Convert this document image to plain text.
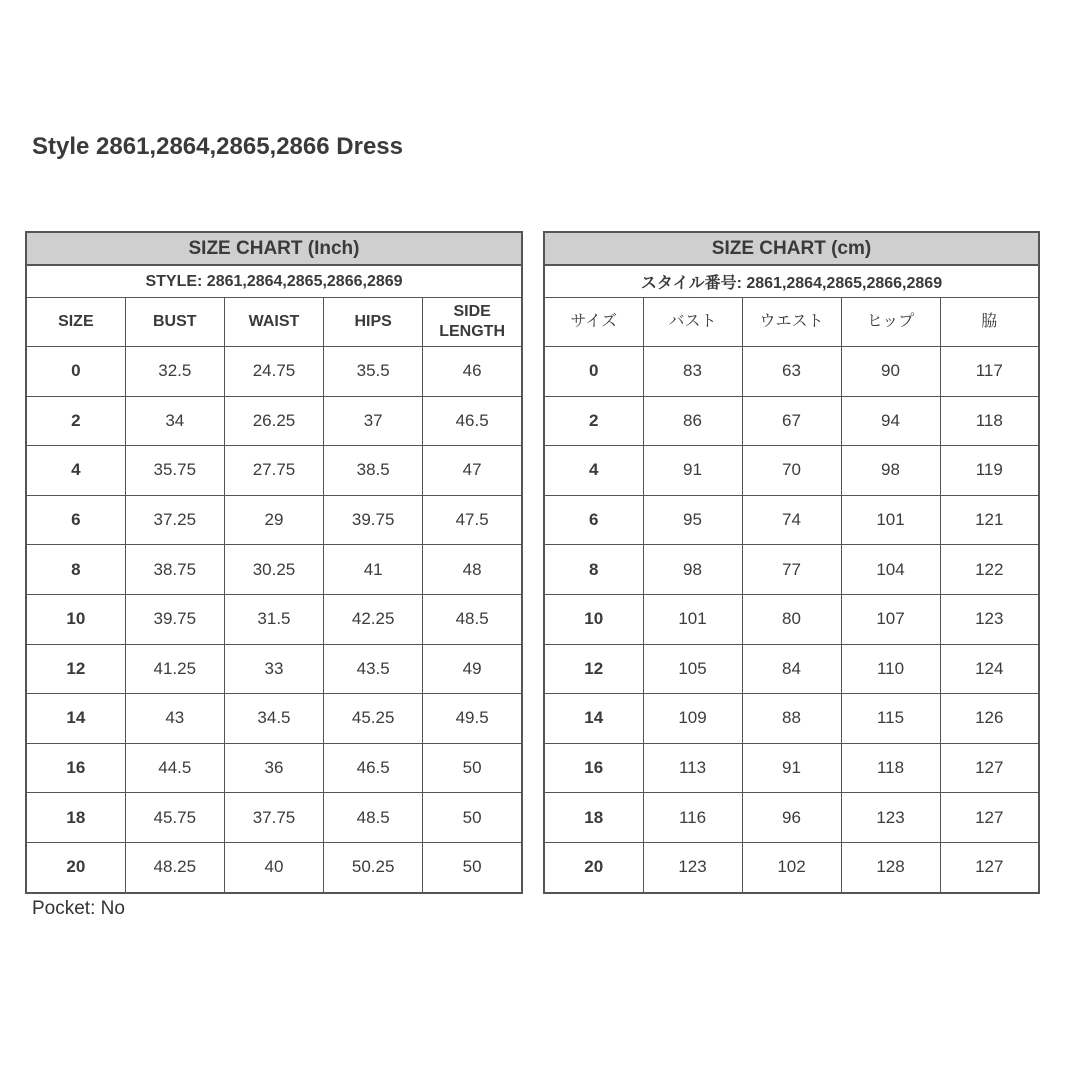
Style 2861,2864,2865,2866 Dress
SIZE CHART (Inch)				
STYLE: 2861,2864,2865,2866,2869				
SIZE	BUST	WAIST	HIPS	SIDE LENGTH
0	32.5	24.75	35.5	46
2	34	26.25	37	46.5
4	35.75	27.75	38.5	47
6	37.25	29	39.75	47.5
8	38.75	30.25	41	48
10	39.75	31.5	42.25	48.5
12	41.25	33	43.5	49
14	43	34.5	45.25	49.5
16	44.5	36	46.5	50
18	45.75	37.75	48.5	50
20	48.25	40	50.25	50
SIZE CHART (cm)				
スタイル番号: 2861,2864,2865,2866,2869				
サイズ	バスト	ウエスト	ヒップ	脇
0	83	63	90	117
2	86	67	94	118
4	91	70	98	119
6	95	74	101	121
8	98	77	104	122
10	101	80	107	123
12	105	84	110	124
14	109	88	115	126
16	113	91	118	127
18	116	96	123	127
20	123	102	128	127
Pocket: No
